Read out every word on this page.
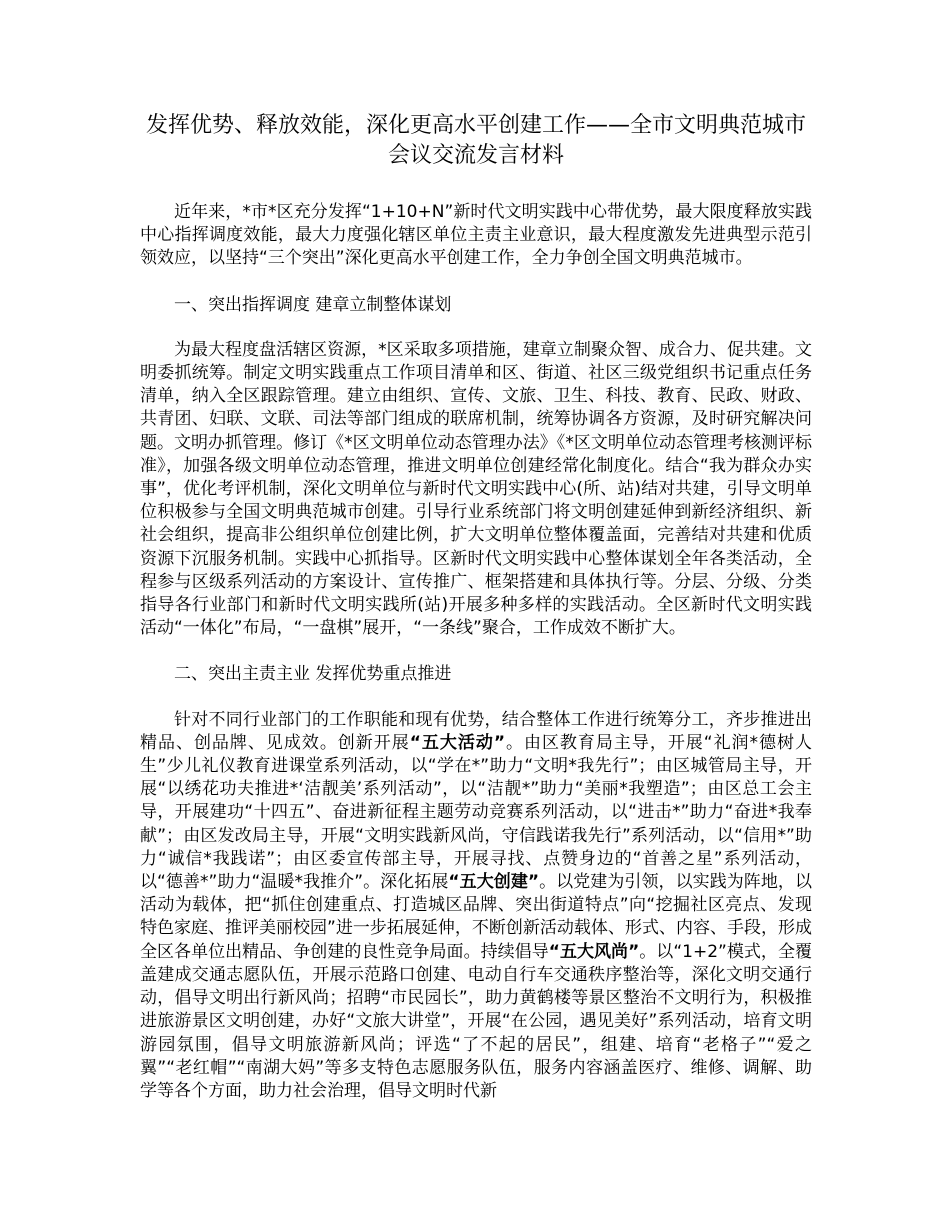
发挥优势、释放效能，深化更高水平创建工作——全市文明典范城市会议交流发言材料

近年来，*市*区充分发挥“1+10+N”新时代文明实践中心带优势，最大限度释放实践中心指挥调度效能，最大力度强化辖区单位主责主业意识，最大程度激发先进典型示范引领效应，以坚持“三个突出”深化更高水平创建工作，全力争创全国文明典范城市。

一、突出指挥调度 建章立制整体谋划

为最大程度盘活辖区资源，*区采取多项措施，建章立制聚众智、成合力、促共建。文明委抓统筹。制定文明实践重点工作项目清单和区、街道、社区三级党组织书记重点任务清单，纳入全区跟踪管理。建立由组织、宣传、文旅、卫生、科技、教育、民政、财政、共青团、妇联、文联、司法等部门组成的联席机制，统筹协调各方资源，及时研究解决问题。文明办抓管理。修订《*区文明单位动态管理办法》《*区文明单位动态管理考核测评标准》，加强各级文明单位动态管理，推进文明单位创建经常化制度化。结合“我为群众办实事”，优化考评机制，深化文明单位与新时代文明实践中心(所、站)结对共建，引导文明单位积极参与全国文明典范城市创建。引导行业系统部门将文明创建延伸到新经济组织、新社会组织，提高非公组织单位创建比例，扩大文明单位整体覆盖面，完善结对共建和优质资源下沉服务机制。实践中心抓指导。区新时代文明实践中心整体谋划全年各类活动，全程参与区级系列活动的方案设计、宣传推广、框架搭建和具体执行等。分层、分级、分类指导各行业部门和新时代文明实践所(站)开展多种多样的实践活动。全区新时代文明实践活动“一体化”布局，“一盘棋”展开，“一条线”聚合，工作成效不断扩大。

二、突出主责主业 发挥优势重点推进

针对不同行业部门的工作职能和现有优势，结合整体工作进行统筹分工，齐步推进出精品、创品牌、见成效。创新开展“五大活动”。由区教育局主导，开展“礼润*德树人生”少儿礼仪教育进课堂系列活动，以“学在*”助力“文明*我先行”；由区城管局主导，开展“以绣花功夫推进*‘洁靓美’系列活动”，以“洁靓*”助力“美丽*我塑造”；由区总工会主导，开展建功“十四五”、奋进新征程主题劳动竞赛系列活动，以“进击*”助力“奋进*我奉献”；由区发改局主导，开展“文明实践新风尚，守信践诺我先行”系列活动，以“信用*”助力“诚信*我践诺”；由区委宣传部主导，开展寻找、点赞身边的“首善之星”系列活动，以“德善*”助力“温暖*我推介”。深化拓展“五大创建”。以党建为引领，以实践为阵地，以活动为载体，把“抓住创建重点、打造城区品牌、突出街道特点”向“挖掘社区亮点、发现特色家庭、推评美丽校园”进一步拓展延伸，不断创新活动载体、形式、内容、手段，形成全区各单位出精品、争创建的良性竞争局面。持续倡导“五大风尚”。以“1+2”模式，全覆盖建成交通志愿队伍，开展示范路口创建、电动自行车交通秩序整治等，深化文明交通行动，倡导文明出行新风尚；招聘“市民园长”，助力黄鹤楼等景区整治不文明行为，积极推进旅游景区文明创建，办好“文旅大讲堂”，开展“在公园，遇见美好”系列活动，培育文明游园氛围，倡导文明旅游新风尚；评选“了不起的居民”，组建、培育“老格子”“爱之翼”“老红帽”“南湖大妈”等多支特色志愿服务队伍，服务内容涵盖医疗、维修、调解、助学等各个方面，助力社会治理，倡导文明时代新
